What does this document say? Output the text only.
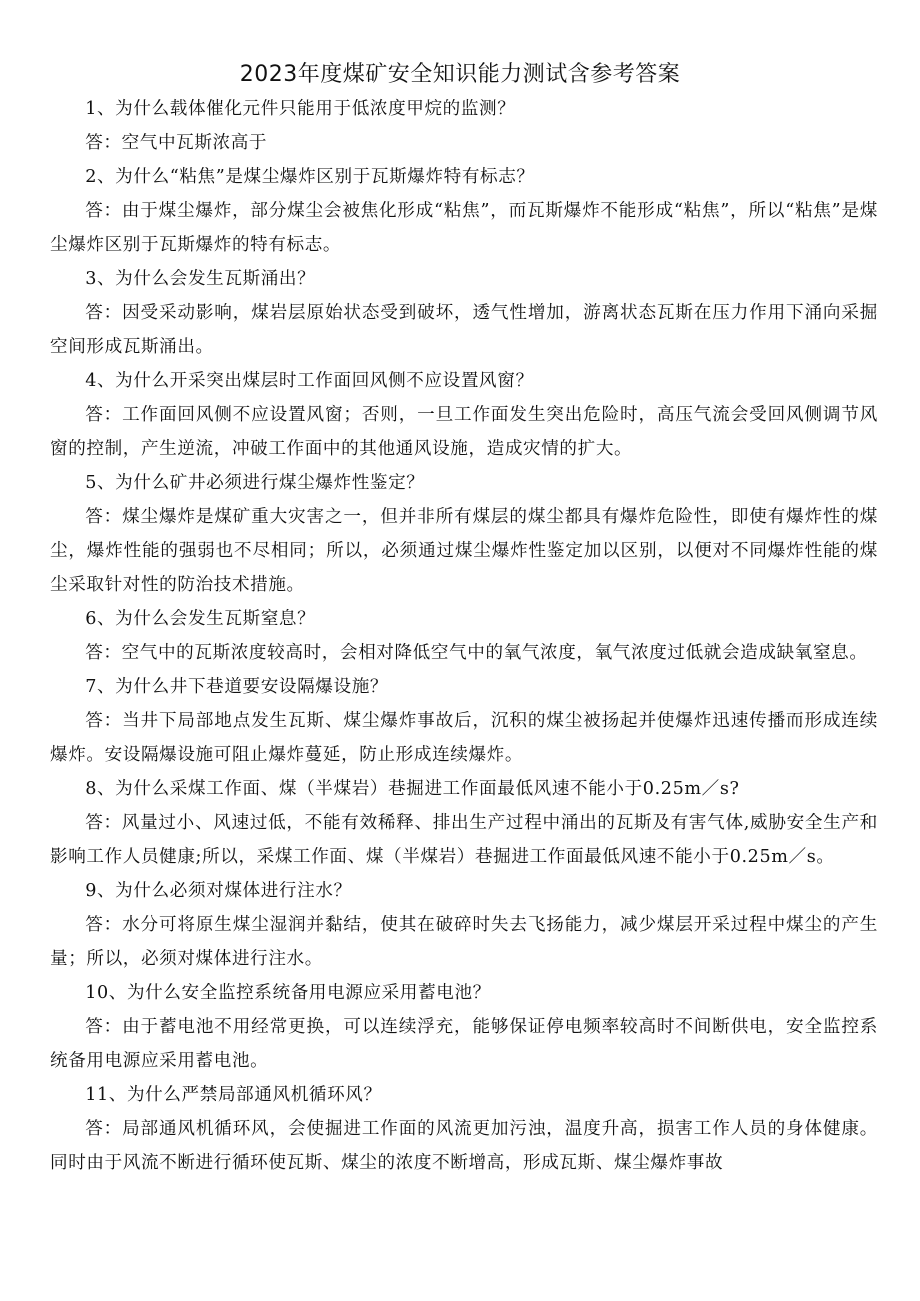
2023年度煤矿安全知识能力测试含参考答案

1、为什么载体催化元件只能用于低浓度甲烷的监测？

答：空气中瓦斯浓高于

2、为什么“粘焦”是煤尘爆炸区别于瓦斯爆炸特有标志？

答：由于煤尘爆炸，部分煤尘会被焦化形成“粘焦”，而瓦斯爆炸不能形成“粘焦”，所以“粘焦”是煤尘爆炸区别于瓦斯爆炸的特有标志。

3、为什么会发生瓦斯涌出？

答：因受采动影响，煤岩层原始状态受到破坏，透气性增加，游离状态瓦斯在压力作用下涌向采掘空间形成瓦斯涌出。

4、为什么开采突出煤层时工作面回风侧不应设置风窗？

答：工作面回风侧不应设置风窗；否则，一旦工作面发生突出危险时，高压气流会受回风侧调节风窗的控制，产生逆流，冲破工作面中的其他通风设施，造成灾情的扩大。

5、为什么矿井必须进行煤尘爆炸性鉴定？

答：煤尘爆炸是煤矿重大灾害之一，但并非所有煤层的煤尘都具有爆炸危险性，即使有爆炸性的煤尘，爆炸性能的强弱也不尽相同；所以，必须通过煤尘爆炸性鉴定加以区别，以便对不同爆炸性能的煤尘采取针对性的防治技术措施。

6、为什么会发生瓦斯窒息？

答：空气中的瓦斯浓度较高时，会相对降低空气中的氧气浓度，氧气浓度过低就会造成缺氧窒息。

7、为什么井下巷道要安设隔爆设施？

答：当井下局部地点发生瓦斯、煤尘爆炸事故后，沉积的煤尘被扬起并使爆炸迅速传播而形成连续爆炸。安设隔爆设施可阻止爆炸蔓延，防止形成连续爆炸。

8、为什么采煤工作面、煤（半煤岩）巷掘进工作面最低风速不能小于0.25m／s?

答：风量过小、风速过低，不能有效稀释、排出生产过程中涌出的瓦斯及有害气体,威胁安全生产和影响工作人员健康;所以，采煤工作面、煤（半煤岩）巷掘进工作面最低风速不能小于0.25m／s。

9、为什么必须对煤体进行注水？

答：水分可将原生煤尘湿润并黏结，使其在破碎时失去飞扬能力，减少煤层开采过程中煤尘的产生量；所以，必须对煤体进行注水。

10、为什么安全监控系统备用电源应采用蓄电池？

答：由于蓄电池不用经常更换，可以连续浮充，能够保证停电频率较高时不间断供电，安全监控系统备用电源应采用蓄电池。

11、为什么严禁局部通风机循环风？

答：局部通风机循环风，会使掘进工作面的风流更加污浊，温度升高，损害工作人员的身体健康。同时由于风流不断进行循环使瓦斯、煤尘的浓度不断增高，形成瓦斯、煤尘爆炸事故
